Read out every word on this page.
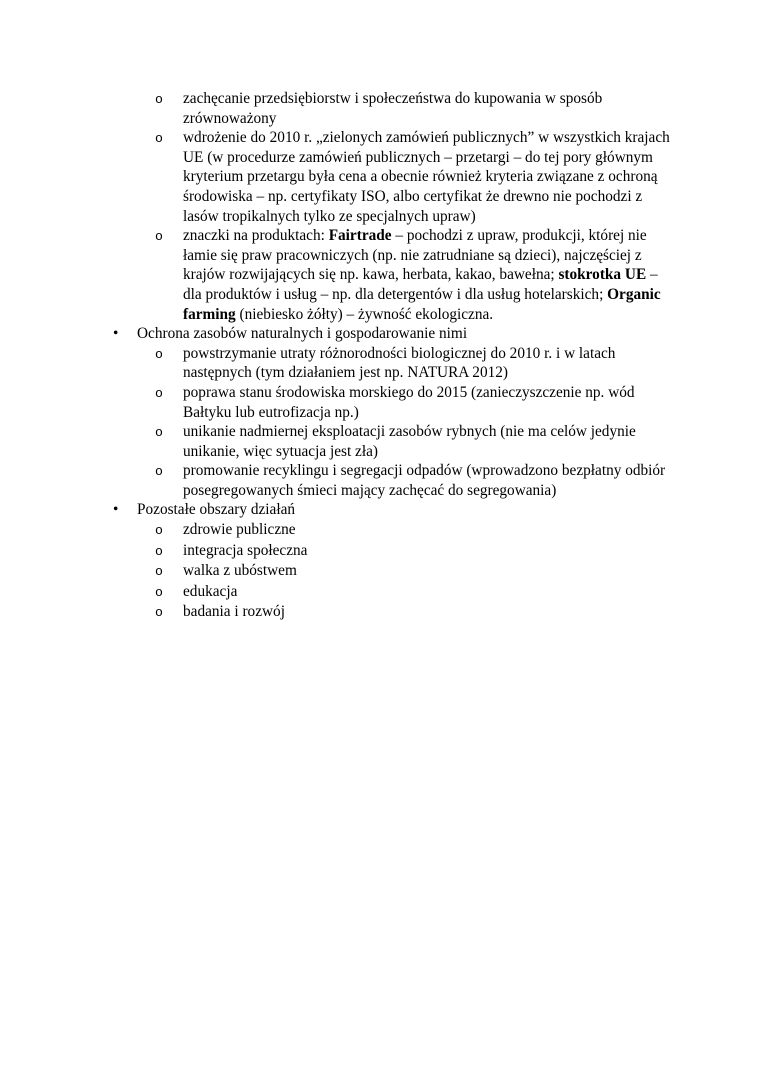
o	zachęcanie przedsiębiorstw i społeczeństwa do kupowania w sposób zrównoważony
o	wdrożenie do 2010 r. „zielonych zamówień publicznych” w wszystkich krajach UE (w procedurze zamówień publicznych – przetargi – do tej pory głównym kryterium przetargu była cena a obecnie również kryteria związane z ochroną środowiska – np. certyfikaty ISO, albo certyfikat że drewno nie pochodzi z lasów tropikalnych tylko ze specjalnych upraw)
o	znaczki na produktach: Fairtrade – pochodzi z upraw, produkcji, której nie łamie się praw pracowniczych (np. nie zatrudniane są dzieci), najczęściej z krajów rozwijających się np. kawa, herbata, kakao, bawełna; stokrotka UE – dla produktów i usług – np. dla detergentów i dla usług hotelarskich; Organic farming (niebiesko żółty) – żywność ekologiczna.
•	Ochrona zasobów naturalnych i gospodarowanie nimi
o	powstrzymanie utraty różnorodności biologicznej do 2010 r. i w latach następnych (tym działaniem jest np. NATURA 2012)
o	poprawa stanu środowiska morskiego do 2015 (zanieczyszczenie np. wód Bałtyku lub eutrofizacja np.)
o	unikanie nadmiernej eksploatacji zasobów rybnych (nie ma celów jedynie unikanie, więc sytuacja jest zła)
o	promowanie recyklingu i segregacji odpadów (wprowadzono bezpłatny odbiór posegregowanych śmieci mający zachęcać do segregowania)
•	Pozostałe obszary działań
o	zdrowie publiczne
o	integracja społeczna
o	walka z ubóstwem
o	edukacja
o	badania i rozwój
